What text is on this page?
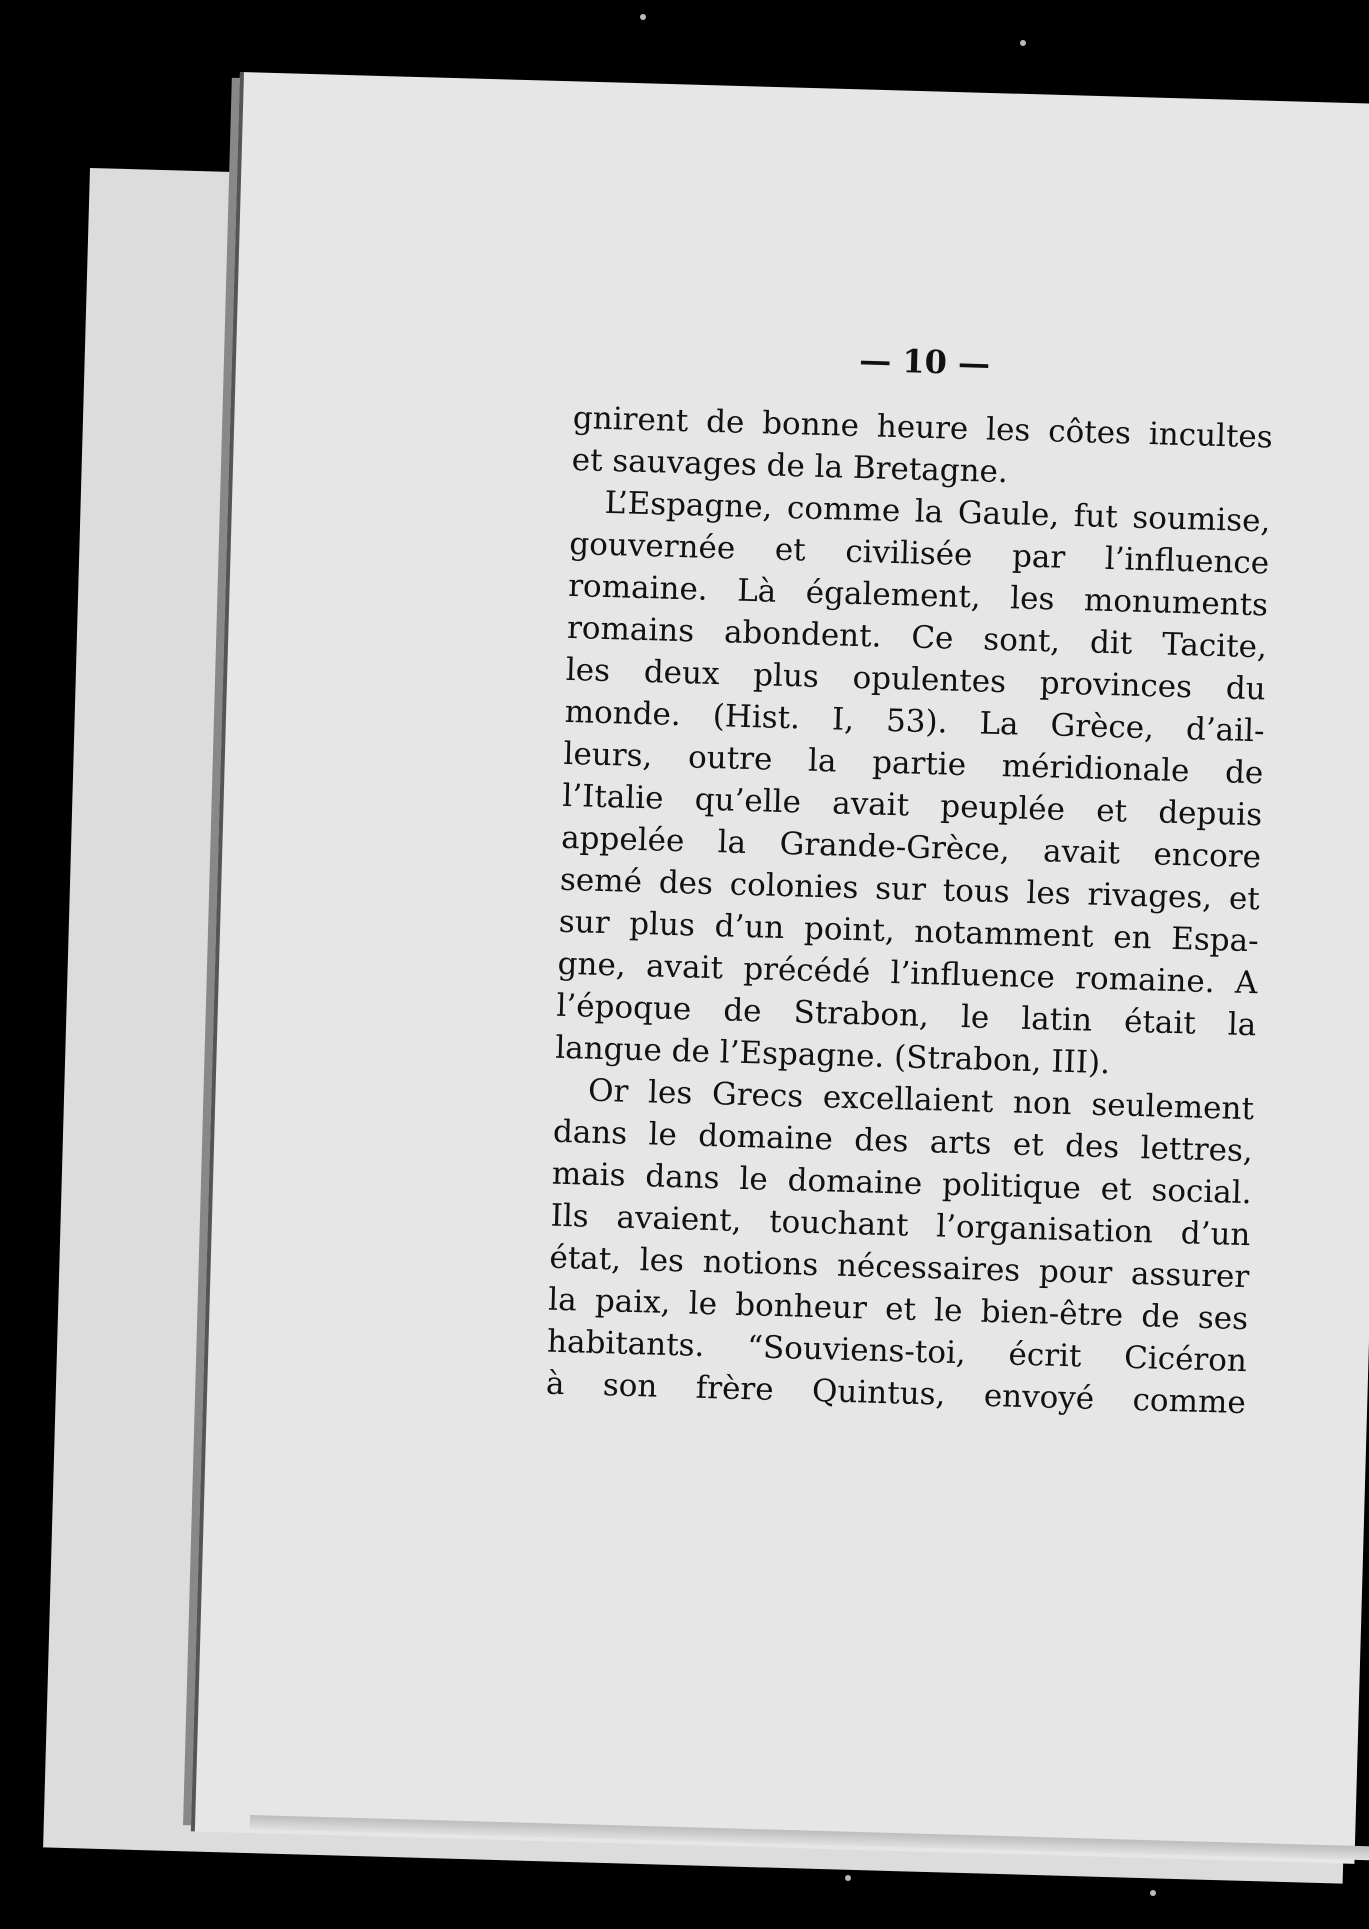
— 10 —
gnirent de bonne heure les côtes incultes
et sauvages de la Bretagne.
L’Espagne, comme la Gaule, fut soumise,
gouvernée et civilisée par l’influence
romaine. Là également, les monuments
romains abondent. Ce sont, dit Tacite,
les deux plus opulentes provinces du
monde. (Hist. I, 53). La Grèce, d’ail-
leurs, outre la partie méridionale de
l’Italie qu’elle avait peuplée et depuis
appelée la Grande-Grèce, avait encore
semé des colonies sur tous les rivages, et
sur plus d’un point, notamment en Espa-
gne, avait précédé l’influence romaine. A
l’époque de Strabon, le latin était la
langue de l’Espagne. (Strabon, III).
Or les Grecs excellaient non seulement
dans le domaine des arts et des lettres,
mais dans le domaine politique et social.
Ils avaient, touchant l’organisation d’un
état, les notions nécessaires pour assurer
la paix, le bonheur et le bien-être de ses
habitants. “Souviens-toi, écrit Cicéron
à son frère Quintus, envoyé comme
